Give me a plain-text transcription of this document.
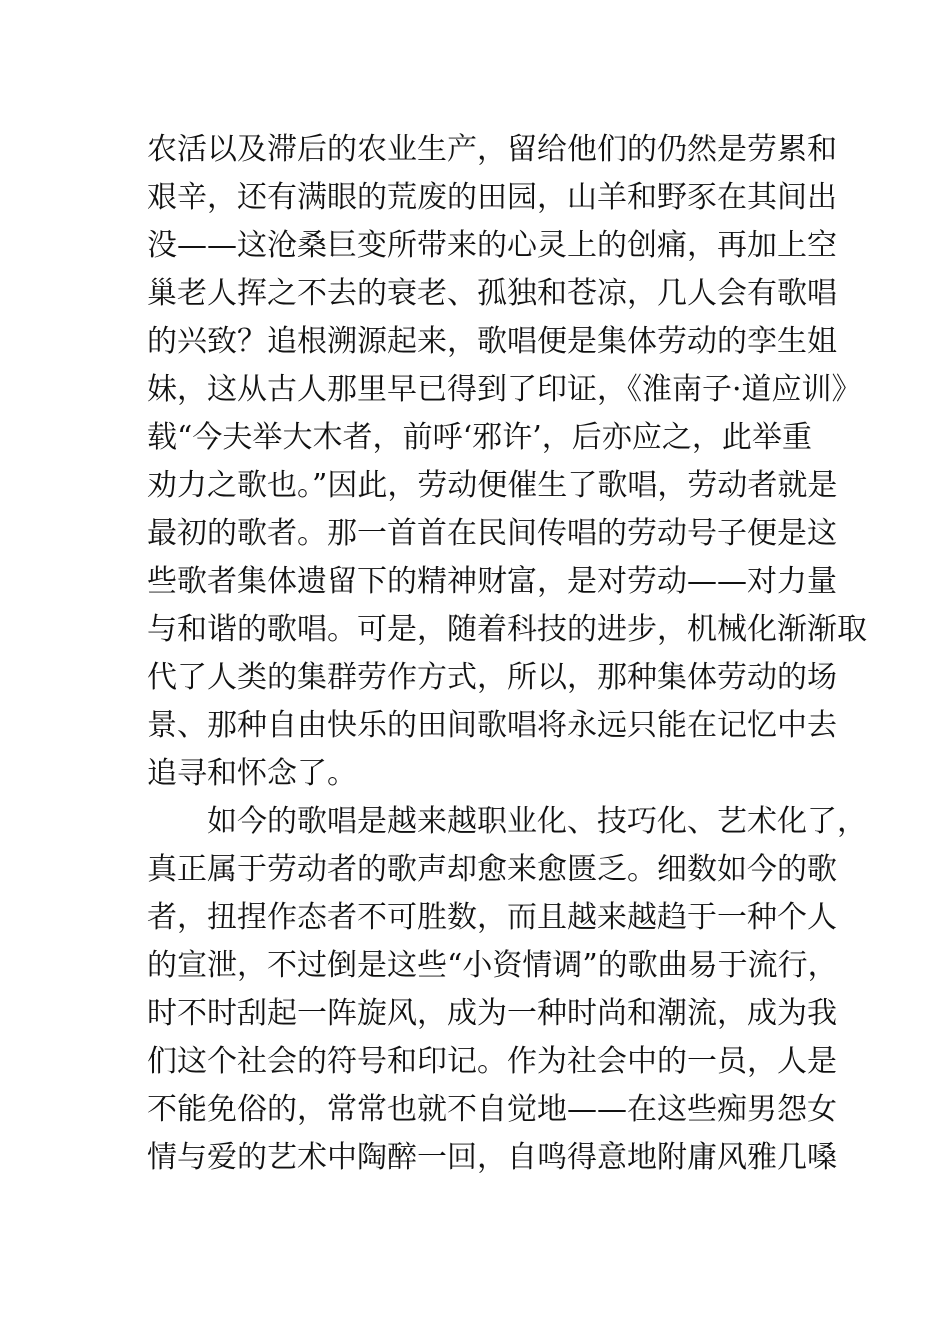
农活以及滞后的农业生产，留给他们的仍然是劳累和
艰辛，还有满眼的荒废的田园，山羊和野豕在其间出
没——这沧桑巨变所带来的心灵上的创痛，再加上空
巢老人挥之不去的衰老、孤独和苍凉，几人会有歌唱
的兴致？追根溯源起来，歌唱便是集体劳动的孪生姐
妹，这从古人那里早已得到了印证，《淮南子·道应训》
载“今夫举大木者，前呼‘邪许’，后亦应之，此举重
劝力之歌也。”因此，劳动便催生了歌唱，劳动者就是
最初的歌者。那一首首在民间传唱的劳动号子便是这
些歌者集体遗留下的精神财富，是对劳动——对力量
与和谐的歌唱。可是，随着科技的进步，机械化渐渐取
代了人类的集群劳作方式，所以，那种集体劳动的场
景、那种自由快乐的田间歌唱将永远只能在记忆中去
追寻和怀念了。
如今的歌唱是越来越职业化、技巧化、艺术化了，
真正属于劳动者的歌声却愈来愈匮乏。细数如今的歌
者，扭捏作态者不可胜数，而且越来越趋于一种个人
的宣泄，不过倒是这些“小资情调”的歌曲易于流行，
时不时刮起一阵旋风，成为一种时尚和潮流，成为我
们这个社会的符号和印记。作为社会中的一员，人是
不能免俗的，常常也就不自觉地——在这些痴男怨女
情与爱的艺术中陶醉一回，自鸣得意地附庸风雅几嗓
